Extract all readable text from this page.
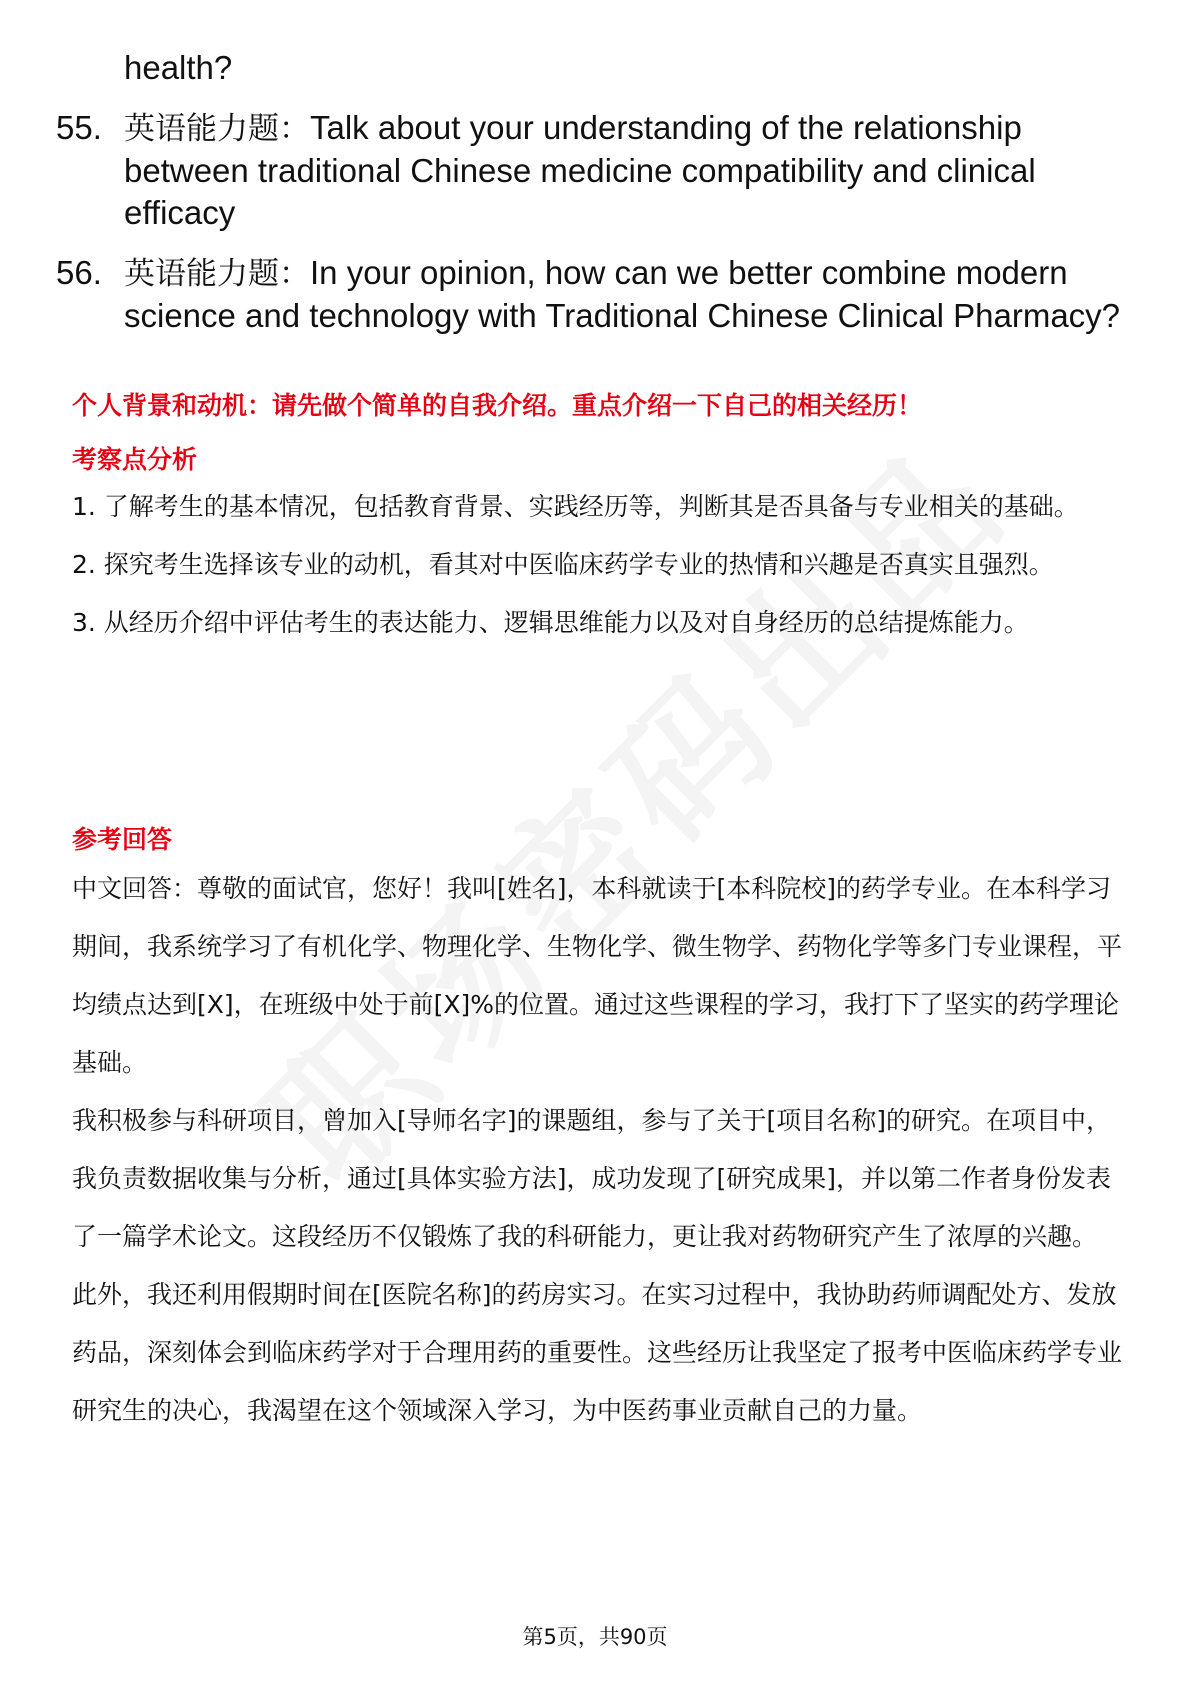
health?
55. 英语能力题：Talk about your understanding of the relationship between traditional Chinese medicine compatibility and clinical efficacy
56. 英语能力题：In your opinion, how can we better combine modern science and technology with Traditional Chinese Clinical Pharmacy?
个人背景和动机：请先做个简单的自我介绍。重点介绍一下自己的相关经历！
考察点分析

1. 了解考生的基本情况，包括教育背景、实践经历等，判断其是否具备与专业相关的基础。

2. 探究考生选择该专业的动机，看其对中医临床药学专业的热情和兴趣是否真实且强烈。

3. 从经历介绍中评估考生的表达能力、逻辑思维能力以及对自身经历的总结提炼能力。

参考回答

中文回答：尊敬的面试官，您好！我叫[姓名]，本科就读于[本科院校]的药学专业。在本科学习期间，我系统学习了有机化学、物理化学、生物化学、微生物学、药物化学等多门专业课程，平均绩点达到[X]，在班级中处于前[X]%的位置。通过这些课程的学习，我打下了坚实的药学理论基础。

我积极参与科研项目，曾加入[导师名字]的课题组，参与了关于[项目名称]的研究。在项目中，我负责数据收集与分析，通过[具体实验方法]，成功发现了[研究成果]，并以第二作者身份发表了一篇学术论文。这段经历不仅锻炼了我的科研能力，更让我对药物研究产生了浓厚的兴趣。

此外，我还利用假期时间在[医院名称]的药房实习。在实习过程中，我协助药师调配处方、发放药品，深刻体会到临床药学对于合理用药的重要性。这些经历让我坚定了报考中医临床药学专业研究生的决心，我渴望在这个领域深入学习，为中医药事业贡献自己的力量。

第5页，共90页
